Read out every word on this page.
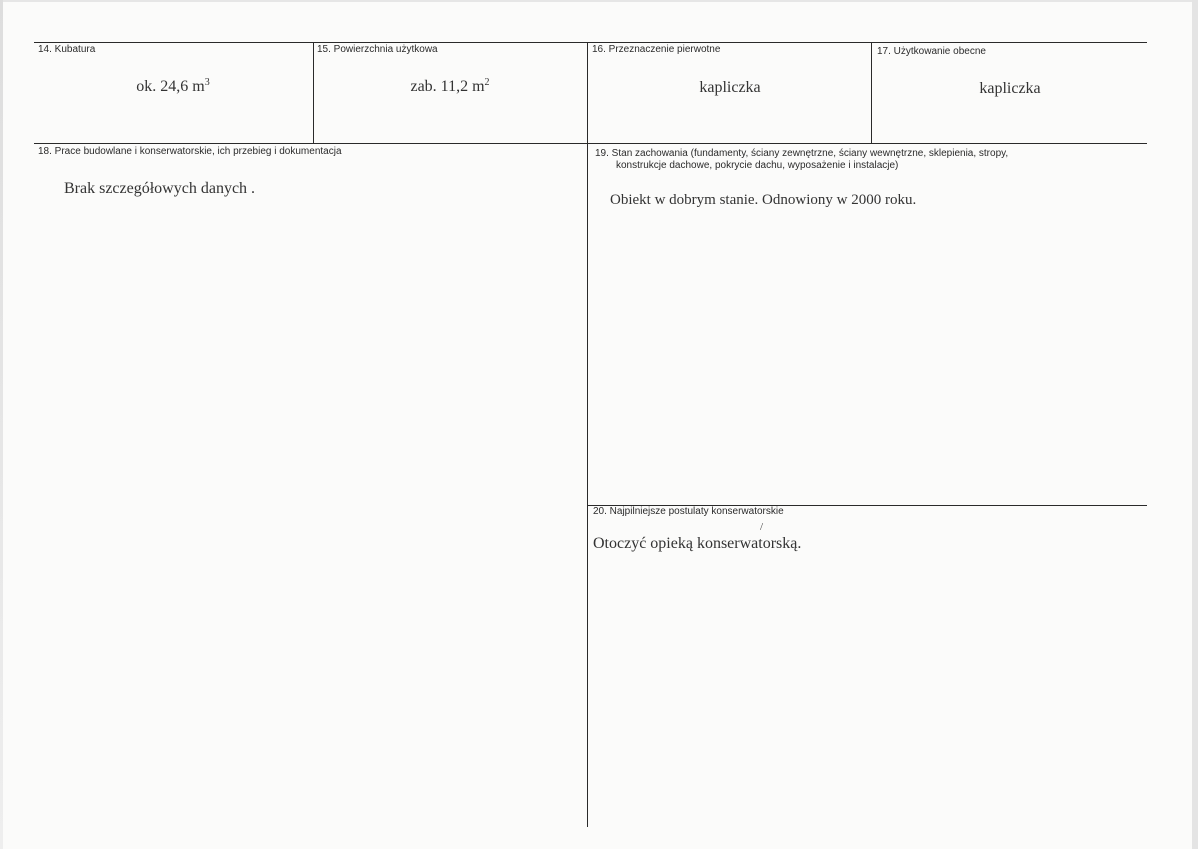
14. Kubatura
ok. 24,6 $m^3$
15. Powierzchnia użytkowa
zab. 11,2 $m^2$
16. Przeznaczenie pierwotne
kapliczka
17. Użytkowanie obecne
kapliczka
18. Prace budowlane i konserwatorskie, ich przebieg i dokumentacja
Brak szczegółowych danych .
19. Stan zachowania (fundamenty, ściany zewnętrzne, ściany wewnętrzne, sklepienia, stropy,
konstrukcje dachowe, pokrycie dachu, wyposażenie i instalacje)
Obiekt w dobrym stanie. Odnowiony w 2000 roku.
20. Najpilniejsze postulaty konserwatorskie
/
Otoczyć opieką konserwatorską.
